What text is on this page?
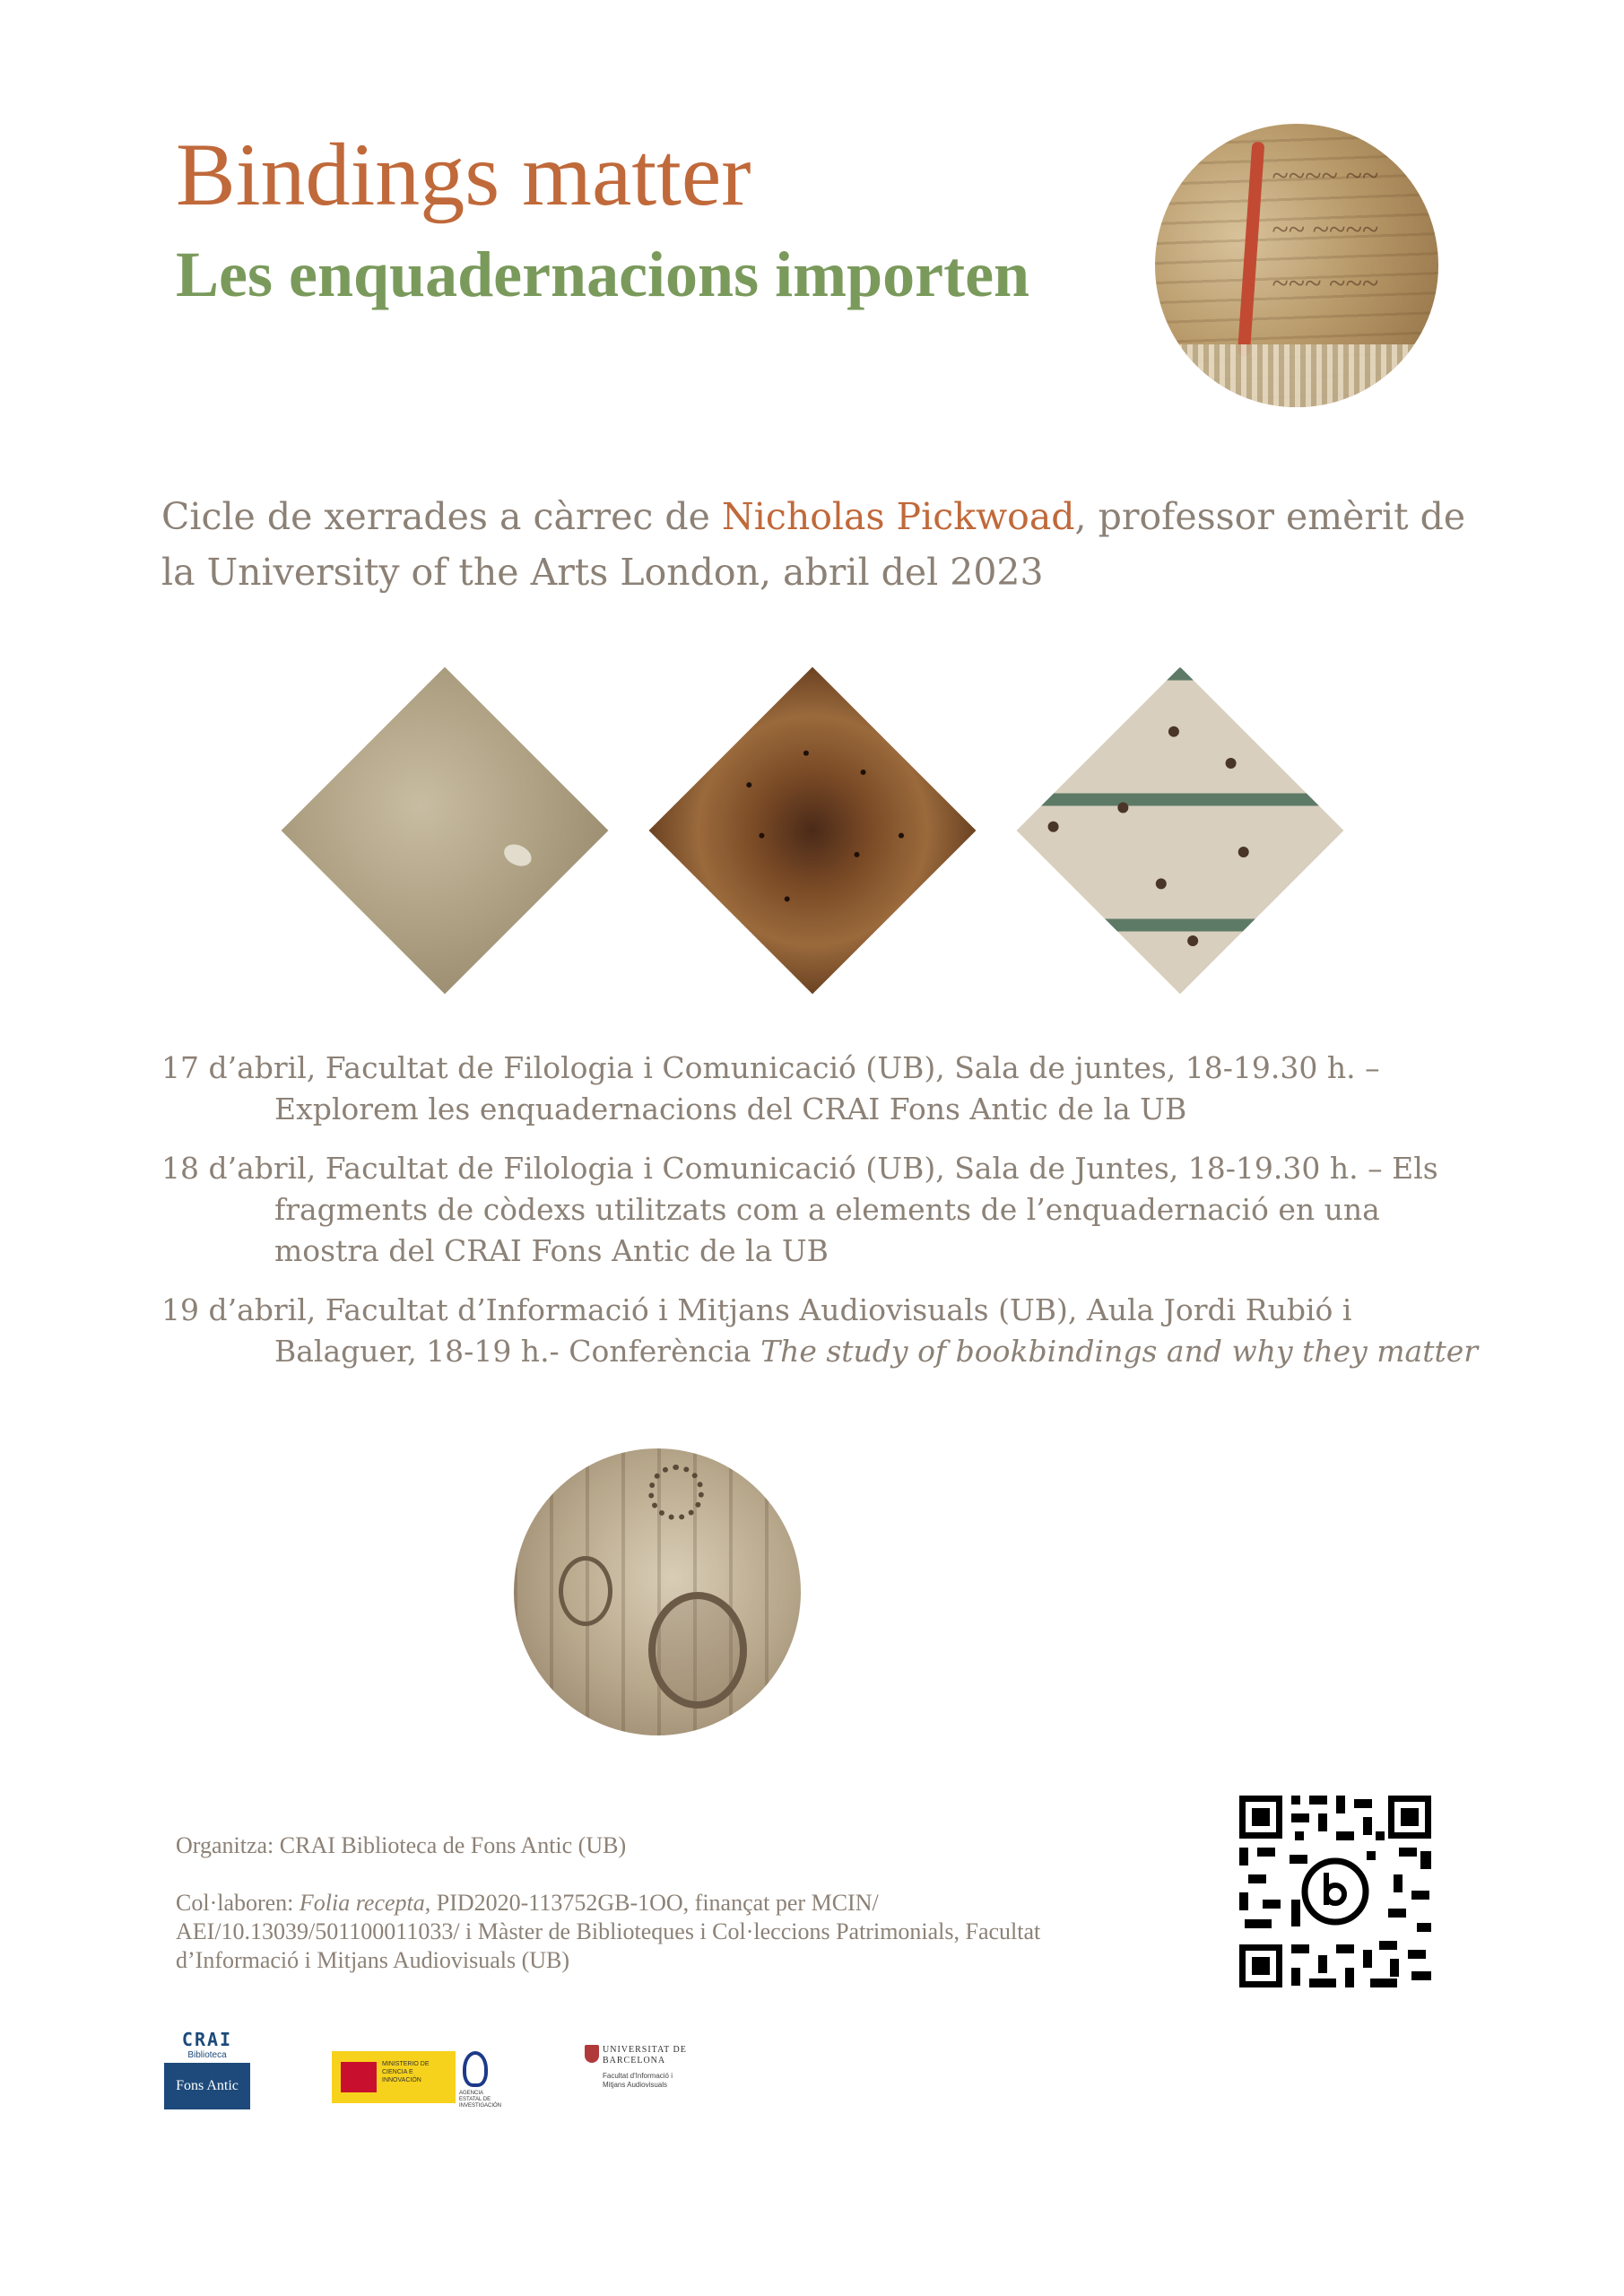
Bindings matter
Les enquadernacions importen
~~~~ ~~
~~ ~~~~
~~~ ~~~

Cicle de xerrades a càrrec de Nicholas Pickwoad, professor emèrit de la University of the Arts London, abril del 2023

17 d’abril, Facultat de Filologia i Comunicació (UB), Sala de juntes, 18-19.30 h. – Explorem les enquadernacions del CRAI Fons Antic de la UB

18 d’abril, Facultat de Filologia i Comunicació (UB), Sala de Juntes, 18-19.30 h. – Els fragments de còdexs utilitzats com a elements de l’enquadernació en una mostra del CRAI Fons Antic de la UB

19 d’abril, Facultat d’Informació i Mitjans Audiovisuals (UB), Aula Jordi Rubió i Balaguer, 18-19 h.- Conferència The study of bookbindings and why they matter

Organitza: CRAI Biblioteca de Fons Antic (UB)

Col·laboren: Folia recepta, PID2020-113752GB-1OO, finançat per MCIN/ AEI/10.13039/501100011033/ i Màster de Biblioteques i Col·leccions Patrimonials, Facultat d’Informació i Mitjans Audiovisuals (UB)

CRAI
Biblioteca
Fons Antic
MINISTERIO DE CIENCIA E INNOVACIÓN
AGENCIA ESTATAL DE INVESTIGACIÓN
UNIVERSITAT DE BARCELONA
Facultat d'Informació i Mitjans Audiovisuals
